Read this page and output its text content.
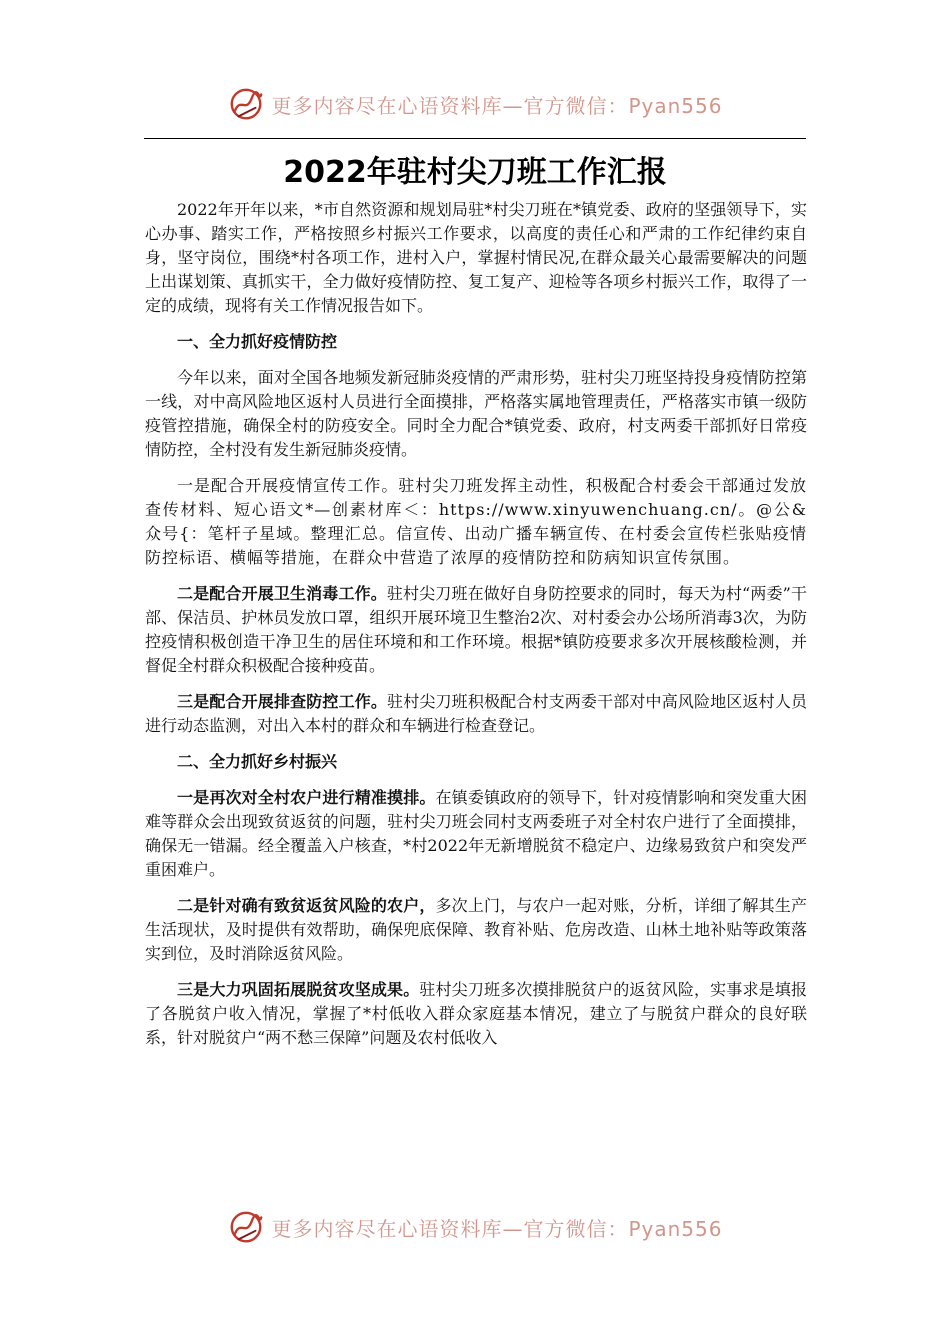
更多内容尽在心语资料库—官方微信：Pyan556
2022年驻村尖刀班工作汇报

2022年开年以来，*市自然资源和规划局驻*村尖刀班在*镇党委、政府的坚强领导下，实心办事、踏实工作，严格按照乡村振兴工作要求，以高度的责任心和严肃的工作纪律约束自身，坚守岗位，围绕*村各项工作，进村入户，掌握村情民况,在群众最关心最需要解决的问题上出谋划策、真抓实干，全力做好疫情防控、复工复产、迎检等各项乡村振兴工作，取得了一定的成绩，现将有关工作情况报告如下。

一、全力抓好疫情防控

今年以来，面对全国各地频发新冠肺炎疫情的严肃形势，驻村尖刀班坚持投身疫情防控第一线，对中高风险地区返村人员进行全面摸排，严格落实属地管理责任，严格落实市镇一级防疫管控措施，确保全村的防疫安全。同时全力配合*镇党委、政府，村支两委干部抓好日常疫情防控，全村没有发生新冠肺炎疫情。

一是配合开展疫情宣传工作。驻村尖刀班发挥主动性，积极配合村委会干部通过发放查传材料、短心语文*—创素材库＜：https://www.xinyuwenchuang.cn/。@公&众号{：笔杆子星域。整理汇总。信宣传、出动广播车辆宣传、在村委会宣传栏张贴疫情防控标语、横幅等措施，在群众中营造了浓厚的疫情防控和防病知识宣传氛围。

二是配合开展卫生消毒工作。驻村尖刀班在做好自身防控要求的同时，每天为村“两委”干部、保洁员、护林员发放口罩，组织开展环境卫生整治2次、对村委会办公场所消毒3次，为防控疫情积极创造干净卫生的居住环境和和工作环境。根据*镇防疫要求多次开展核酸检测，并督促全村群众积极配合接种疫苗。

三是配合开展排查防控工作。驻村尖刀班积极配合村支两委干部对中高风险地区返村人员进行动态监测，对出入本村的群众和车辆进行检查登记。

二、全力抓好乡村振兴

一是再次对全村农户进行精准摸排。在镇委镇政府的领导下，针对疫情影响和突发重大困难等群众会出现致贫返贫的问题，驻村尖刀班会同村支两委班子对全村农户进行了全面摸排，确保无一错漏。经全覆盖入户核查，*村2022年无新增脱贫不稳定户、边缘易致贫户和突发严重困难户。

二是针对确有致贫返贫风险的农户，多次上门，与农户一起对账，分析，详细了解其生产生活现状，及时提供有效帮助，确保兜底保障、教育补贴、危房改造、山林土地补贴等政策落实到位，及时消除返贫风险。

三是大力巩固拓展脱贫攻坚成果。驻村尖刀班多次摸排脱贫户的返贫风险，实事求是填报了各脱贫户收入情况，掌握了*村低收入群众家庭基本情况，建立了与脱贫户群众的良好联系，针对脱贫户“两不愁三保障”问题及农村低收入

更多内容尽在心语资料库—官方微信：Pyan556
